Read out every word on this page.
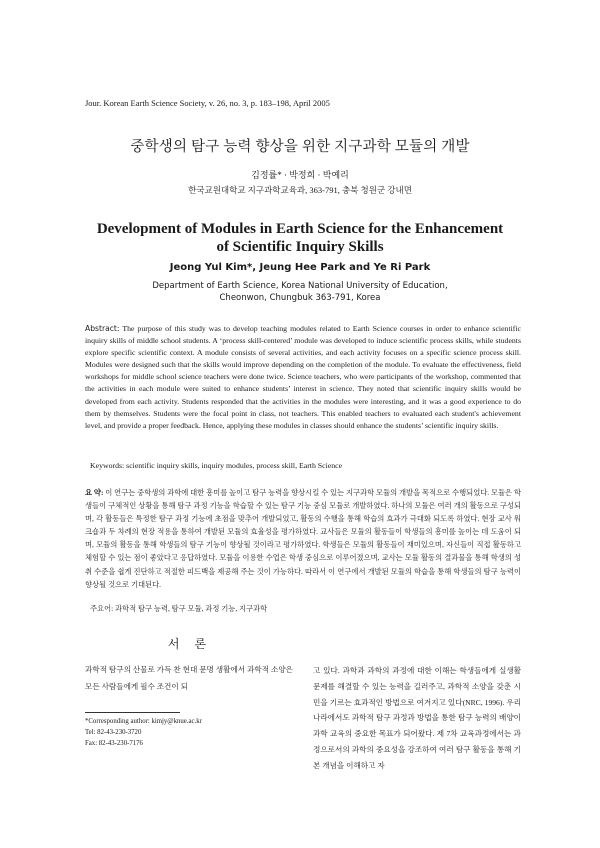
Jour. Korean Earth Science Society, v. 26, no. 3, p. 183–198, April 2005
중학생의 탐구 능력 향상을 위한 지구과학 모듈의 개발
김정률* · 박정희 · 박예리
한국교원대학교 지구과학교육과, 363-791, 충북 청원군 강내면
Development of Modules in Earth Science for the Enhancement of Scientific Inquiry Skills
Jeong Yul Kim*, Jeung Hee Park and Ye Ri Park
Department of Earth Science, Korea National University of Education,
Cheonwon, Chungbuk 363-791, Korea
Abstract: The purpose of this study was to develop teaching modules related to Earth Science courses in order to enhance scientific inquiry skills of middle school students. A ‘process skill-centered’ module was developed to induce scientific process skills, while students explore specific scientific context. A module consists of several activities, and each activity focuses on a specific science process skill. Modules were designed such that the skills would improve depending on the completion of the module. To evaluate the effectiveness, field workshops for middle school science teachers were done twice. Science teachers, who were participants of the workshop, commented that the activities in each module were suited to enhance students’ interest in science. They noted that scientific inquiry skills would be developed from each activity. Students responded that the activities in the modules were interesting, and it was a good experience to do them by themselves. Students were the focal point in class, not teachers. This enabled teachers to evaluated each student's achievement level, and provide a proper feedback. Hence, applying these modules in classes should enhance the students’ scientific inquiry skills.
Keywords: scientific inquiry skills, inquiry modules, process skill, Earth Science
요 약: 이 연구는 중학생의 과학에 대한 흥미를 높이고 탐구 능력을 향상시킬 수 있는 지구과학 모듈의 개발을 목적으로 수행되었다. 모듈은 학생들이 구체적인 상황을 통해 탐구 과정 기능을 학습할 수 있는 탐구 기능 중심 모듈로 개발하였다. 하나의 모듈은 여러 개의 활동으로 구성되며, 각 활동들은 특정한 탐구 과정 기능에 초점을 맞추어 개발되었고, 활동의 수행을 통해 학습의 효과가 극대화 되도록 하였다. 현장 교사 워크숍과 두 차례의 현장 적용을 통하여 개발된 모듈의 효율성을 평가하였다. 교사들은 모듈의 활동들이 학생들의 흥미를 높이는 데 도움이 되며, 모듈의 활동을 통해 학생들의 탐구 기능이 향상될 것이라고 평가하였다. 학생들은 모듈의 활동들이 재미있으며, 자신들이 직접 활동하고 체험할 수 있는 점이 좋았다고 응답하였다. 모듈을 이용한 수업은 학생 중심으로 이루어졌으며, 교사는 모듈 활동의 결과물을 통해 학생의 성취 수준을 쉽게 진단하고 적절한 피드백을 제공해 주는 것이 가능하다. 따라서 이 연구에서 개발된 모듈의 학습을 통해 학생들의 탐구 능력이 향상될 것으로 기대된다.
주요어: 과학적 탐구 능력, 탐구 모듈, 과정 기능, 지구과학
서 론
과학적 탐구의 산물로 가득 찬 현대 문명 생활에서 과학적 소양은 모든 사람들에게 필수 조건이 되
*Corresponding author: kimjy@knue.ac.kr
Tel: 82-43-230-3720
Fax: 82-43-230-7176
고 있다. 과학과 과학의 과정에 대한 이해는 학생들에게 실생활 문제를 해결할 수 있는 능력을 길러주고, 과학적 소양을 갖춘 시민을 기르는 효과적인 방법으로 여겨지고 있다(NRC, 1996). 우리나라에서도 과학적 탐구 과정과 방법을 통한 탐구 능력의 배양이 과학 교육의 중요한 목표가 되어왔다. 제 7차 교육과정에서는 과정으로서의 과학의 중요성을 강조하여 여러 탐구 활동을 통해 기본 개념을 이해하고 자
